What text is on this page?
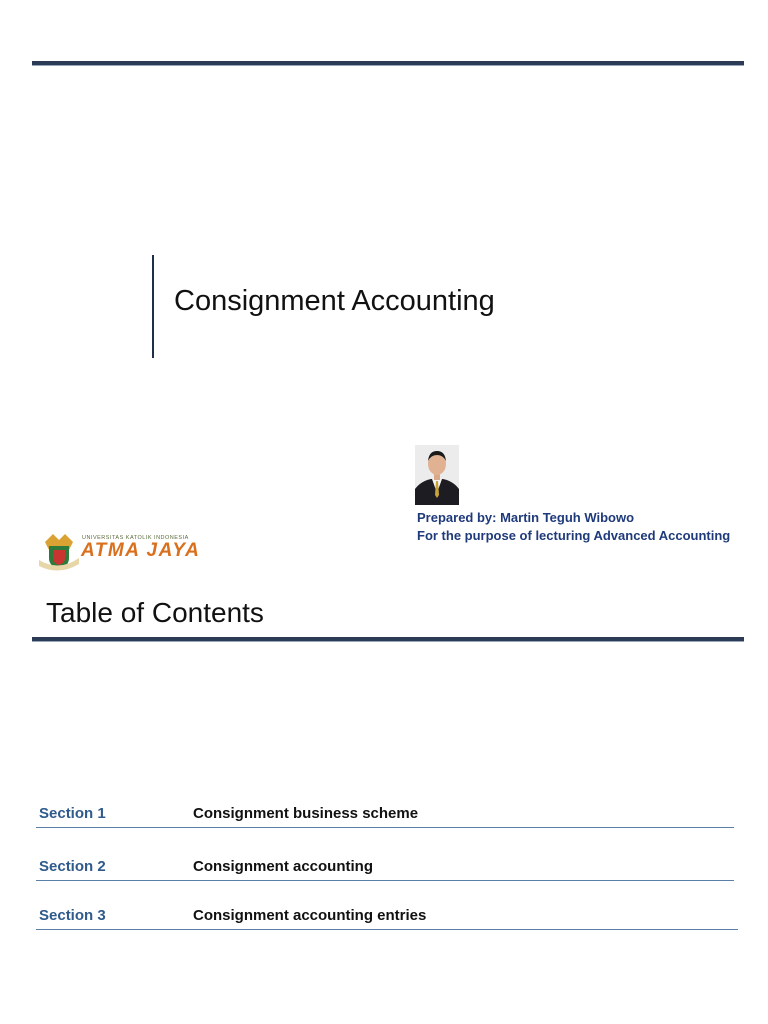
Consignment Accounting
Prepared by: Martin Teguh Wibowo
For the purpose of lecturing Advanced Accounting
UNIVERSITAS KATOLIK INDONESIA
ATMA JAYA
Table of Contents
Section 1	Consignment business scheme
Section 2	Consignment accounting
Section 3	Consignment accounting entries
